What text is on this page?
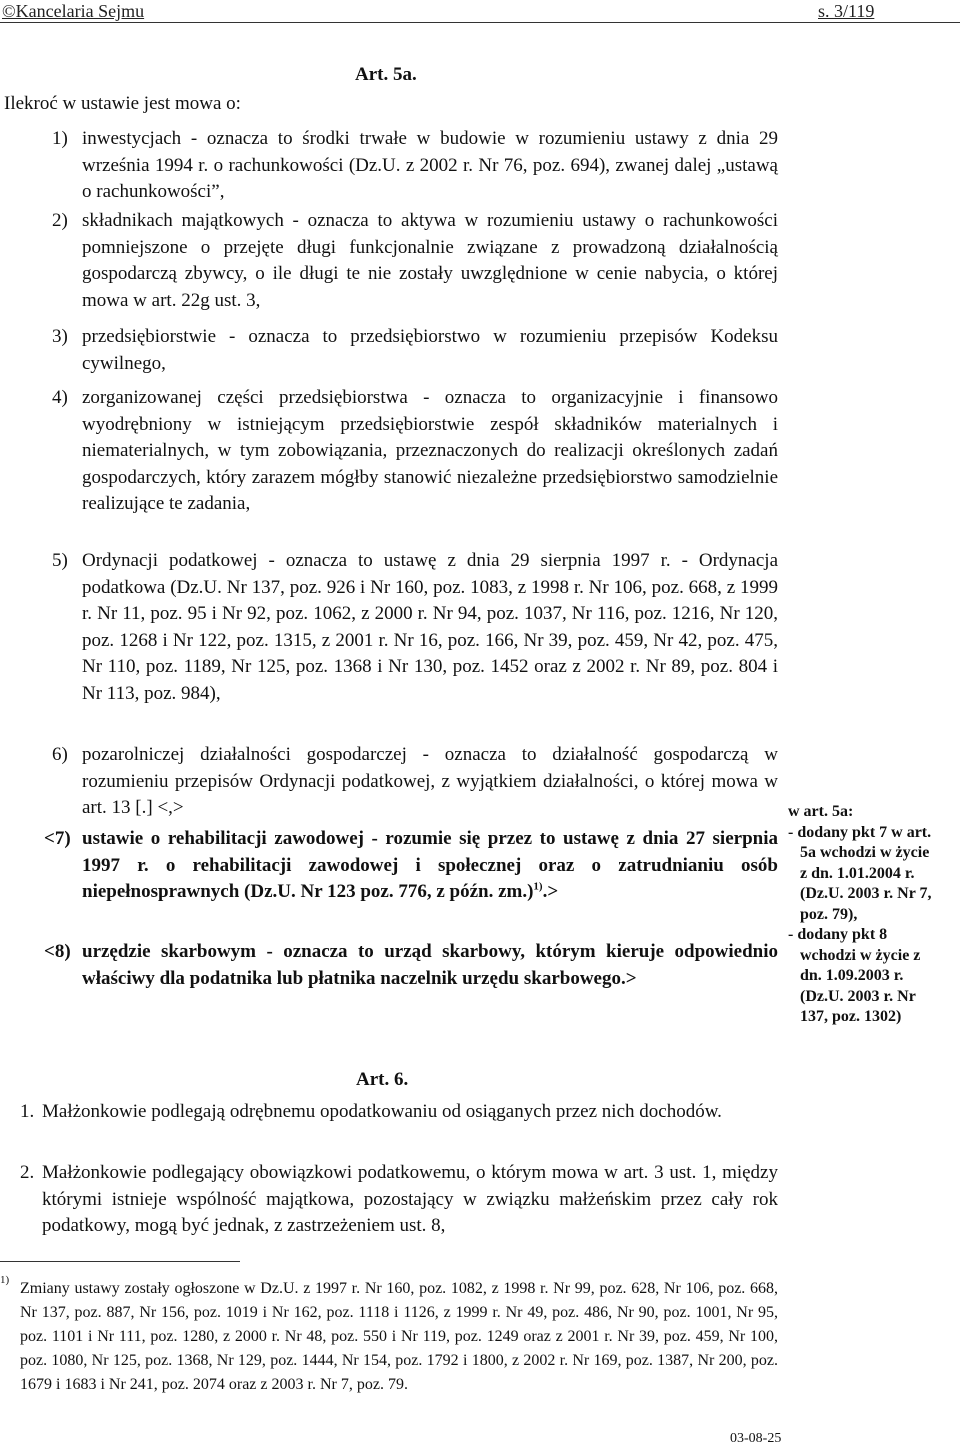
©Kancelaria Sejmu	s. 3/119
Art. 5a.
Ilekroć w ustawie jest mowa o:
1) inwestycjach - oznacza to środki trwałe w budowie w rozumieniu ustawy z dnia 29 września 1994 r. o rachunkowości (Dz.U. z 2002 r. Nr 76, poz. 694), zwanej dalej „ustawą o rachunkowości”,
2) składnikach majątkowych - oznacza to aktywa w rozumieniu ustawy o rachunkowości pomniejszone o przejęte długi funkcjonalnie związane z prowadzoną działalnością gospodarczą zbywcy, o ile długi te nie zostały uwzględnione w cenie nabycia, o której mowa w art. 22g ust. 3,
3) przedsiębiorstwie - oznacza to przedsiębiorstwo w rozumieniu przepisów Kodeksu cywilnego,
4) zorganizowanej części przedsiębiorstwa - oznacza to organizacyjnie i finansowo wyodrębniony w istniejącym przedsiębiorstwie zespół składników materialnych i niematerialnych, w tym zobowiązania, przeznaczonych do realizacji określonych zadań gospodarczych, który zarazem mógłby stanowić niezależne przedsiębiorstwo samodzielnie realizujące te zadania,
5) Ordynacji podatkowej - oznacza to ustawę z dnia 29 sierpnia 1997 r. - Ordynacja podatkowa (Dz.U. Nr 137, poz. 926 i Nr 160, poz. 1083, z 1998 r. Nr 106, poz. 668, z 1999 r. Nr 11, poz. 95 i Nr 92, poz. 1062, z 2000 r. Nr 94, poz. 1037, Nr 116, poz. 1216, Nr 120, poz. 1268 i Nr 122, poz. 1315, z 2001 r. Nr 16, poz. 166, Nr 39, poz. 459, Nr 42, poz. 475, Nr 110, poz. 1189, Nr 125, poz. 1368 i Nr 130, poz. 1452 oraz z 2002 r. Nr 89, poz. 804 i Nr 113, poz. 984),
6) pozarolniczej działalności gospodarczej - oznacza to działalność gospodarczą w rozumieniu przepisów Ordynacji podatkowej, z wyjątkiem działalności, o której mowa w art. 13 [.] <,>
<7) ustawie o rehabilitacji zawodowej - rozumie się przez to ustawę z dnia 27 sierpnia 1997 r. o rehabilitacji zawodowej i społecznej oraz o zatrudnianiu osób niepełnosprawnych (Dz.U. Nr 123 poz. 776, z późn. zm.)$^{1)}$.>
<8) urzędzie skarbowym - oznacza to urząd skarbowy, którym kieruje odpowiednio właściwy dla podatnika lub płatnika naczelnik urzędu skarbowego.>
w art. 5a:
- dodany pkt 7 w art.
5a wchodzi w życie
z dn. 1.01.2004 r.
(Dz.U. 2003 r. Nr 7,
poz. 79),
- dodany pkt 8
wchodzi w życie z
dn. 1.09.2003 r.
(Dz.U. 2003 r. Nr
137, poz. 1302)
Art. 6.
1. Małżonkowie podlegają odrębnemu opodatkowaniu od osiąganych przez nich dochodów.
2. Małżonkowie podlegający obowiązkowi podatkowemu, o którym mowa w art. 3 ust. 1, między którymi istnieje wspólność majątkowa, pozostający w związku małżeńskim przez cały rok podatkowy, mogą być jednak, z zastrzeżeniem ust. 8,
1) Zmiany ustawy zostały ogłoszone w Dz.U. z 1997 r. Nr 160, poz. 1082, z 1998 r. Nr 99, poz. 628, Nr 106, poz. 668, Nr 137, poz. 887, Nr 156, poz. 1019 i Nr 162, poz. 1118 i 1126, z 1999 r. Nr 49, poz. 486, Nr 90, poz. 1001, Nr 95, poz. 1101 i Nr 111, poz. 1280, z 2000 r. Nr 48, poz. 550 i Nr 119, poz. 1249 oraz z 2001 r. Nr 39, poz. 459, Nr 100, poz. 1080, Nr 125, poz. 1368, Nr 129, poz. 1444, Nr 154, poz. 1792 i 1800, z 2002 r. Nr 169, poz. 1387, Nr 200, poz. 1679 i 1683 i Nr 241, poz. 2074 oraz z 2003 r. Nr 7, poz. 79.
03-08-25
